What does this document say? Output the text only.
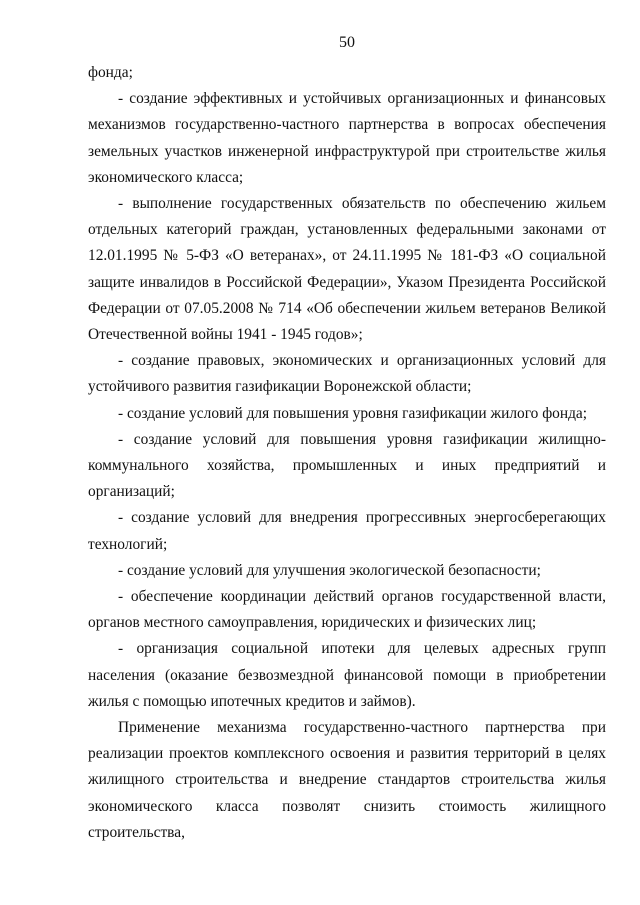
50

фонда;

- создание эффективных и устойчивых организационных и финансовых механизмов государственно-частного партнерства в вопросах обеспечения земельных участков инженерной инфраструктурой при строительстве жилья экономического класса;

- выполнение государственных обязательств по обеспечению жильем отдельных категорий граждан, установленных федеральными законами от 12.01.1995 № 5-ФЗ «О ветеранах», от 24.11.1995 № 181-ФЗ «О социальной защите инвалидов в Российской Федерации», Указом Президента Российской Федерации от 07.05.2008 № 714 «Об обеспечении жильем ветеранов Великой Отечественной войны 1941 - 1945 годов»;

- создание правовых, экономических и организационных условий для устойчивого развития газификации Воронежской области;

- создание условий для повышения уровня газификации жилого фонда;

- создание условий для повышения уровня газификации жилищно-коммунального хозяйства, промышленных и иных предприятий и организаций;

- создание условий для внедрения прогрессивных энергосберегающих технологий;

- создание условий для улучшения экологической безопасности;

- обеспечение координации действий органов государственной власти, органов местного самоуправления, юридических и физических лиц;

- организация социальной ипотеки для целевых адресных групп населения (оказание безвозмездной финансовой помощи в приобретении жилья с помощью ипотечных кредитов и займов).

Применение механизма государственно-частного партнерства при реализации проектов комплексного освоения и развития территорий в целях жилищного строительства и внедрение стандартов строительства жилья экономического класса позволят снизить стоимость жилищного строительства,
